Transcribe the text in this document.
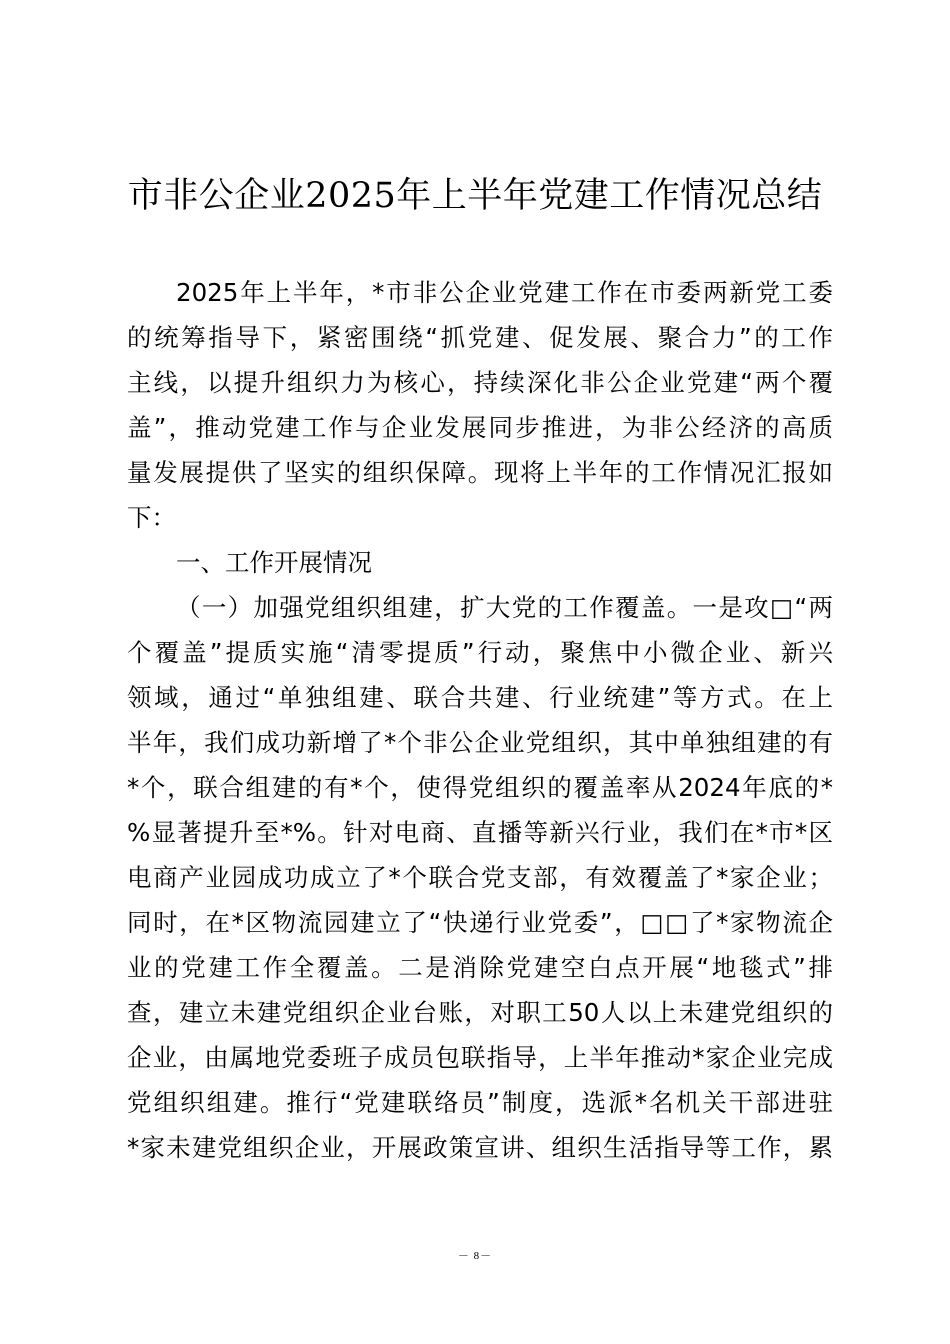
市非公企业2025年上半年党建工作情况总结
2025年上半年，*市非公企业党建工作在市委两新党工委
的统筹指导下，紧密围绕“抓党建、促发展、聚合力”的工作
主线，以提升组织力为核心，持续深化非公企业党建“两个覆
盖”，推动党建工作与企业发展同步推进，为非公经济的高质
量发展提供了坚实的组织保障。现将上半年的工作情况汇报如
下：
一、工作开展情况
（一）加强党组织组建，扩大党的工作覆盖。一是攻□“两
个覆盖”提质实施“清零提质”行动，聚焦中小微企业、新兴
领域，通过“单独组建、联合共建、行业统建”等方式。在上
半年，我们成功新增了*个非公企业党组织，其中单独组建的有
*个，联合组建的有*个，使得党组织的覆盖率从2024年底的*
%显著提升至*%。针对电商、直播等新兴行业，我们在*市*区
电商产业园成功成立了*个联合党支部，有效覆盖了*家企业；
同时，在*区物流园建立了“快递行业党委”，□□了*家物流企
业的党建工作全覆盖。二是消除党建空白点开展“地毯式”排
查，建立未建党组织企业台账，对职工50人以上未建党组织的
企业，由属地党委班子成员包联指导，上半年推动*家企业完成
党组织组建。推行“党建联络员”制度，选派*名机关干部进驻
*家未建党组织企业，开展政策宣讲、组织生活指导等工作，累
－ 8－
